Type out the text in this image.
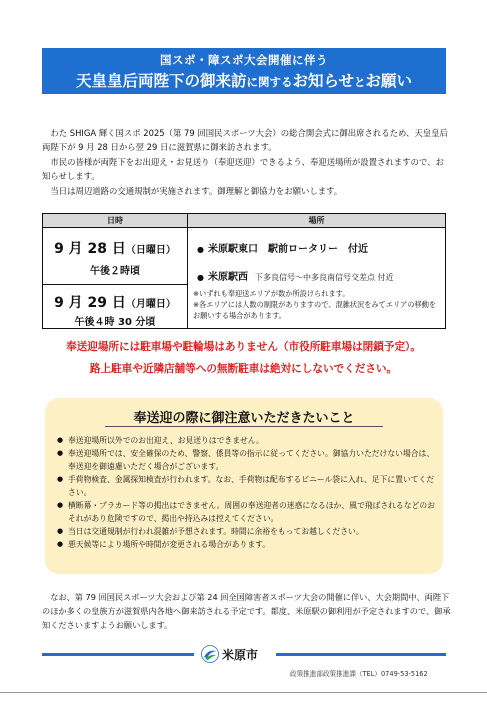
国スポ・障スポ大会開催に伴う
天皇皇后両陛下の御来訪に関するお知らせとお願い

わた SHIGA 輝く国スポ 2025（第 79 回国民スポーツ大会）の総合開会式に御出席されるため、天皇皇后両陛下が 9 月 28 日から翌 29 日に滋賀県に御来訪されます。

市民の皆様が両陛下をお出迎え・お見送り（奉迎送迎）できるよう、奉迎送場所が設置されますので、お知らせします。

当日は周辺道路の交通規制が実施されます。御理解と御協力をお願いします。

日時	場所
9 月 28 日（日曜日）
午後２時頃
9 月 29 日（月曜日）
午後４時 30 分頃
● 米原駅東口　駅前ロータリー　付近
● 米原駅西 下多良信号～中多良南信号交差点 付近
※いずれも奉迎送エリアが数か所設けられます。
※各エリアには人数の制限がありますので、混雑状況をみてエリアの移動をお願いする場合があります。
奉送迎場所には駐車場や駐輪場はありません（市役所駐車場は閉鎖予定）。
路上駐車や近隣店舗等への無断駐車は絶対にしないでください。
奉送迎の際に御注意いただきたいこと
● 奉送迎場所以外でのお出迎え、お見送りはできません。
● 奉送迎場所では、安全確保のため、警察、係員等の指示に従ってください。御協力いただけない場合は、奉送迎を御遠慮いただく場合がございます。
● 手荷物検査、金属探知検査が行われます。なお、手荷物は配布するビニール袋に入れ、足下に置いてください。
● 横断幕・プラカード等の掲出はできません。周囲の奉送迎者の迷惑になるほか、風で飛ばされるなどのおそれがあり危険ですので、掲出や持込みは控えてください。
● 当日は交通規制が行われ混雑が予想されます。時間に余裕をもってお越しください。
● 悪天候等により場所や時間が変更される場合があります。

なお、第 79 回国民スポーツ大会および第 24 回全国障害者スポーツ大会の開催に伴い、大会期間中、両陛下のほか多くの皇族方が滋賀県内各地へ御来訪される予定です。都度、米原駅の御利用が予定されますので、御承知くださいますようお願いします。

米原市
政策推進部政策推進課（TEL）0749-53-5162
